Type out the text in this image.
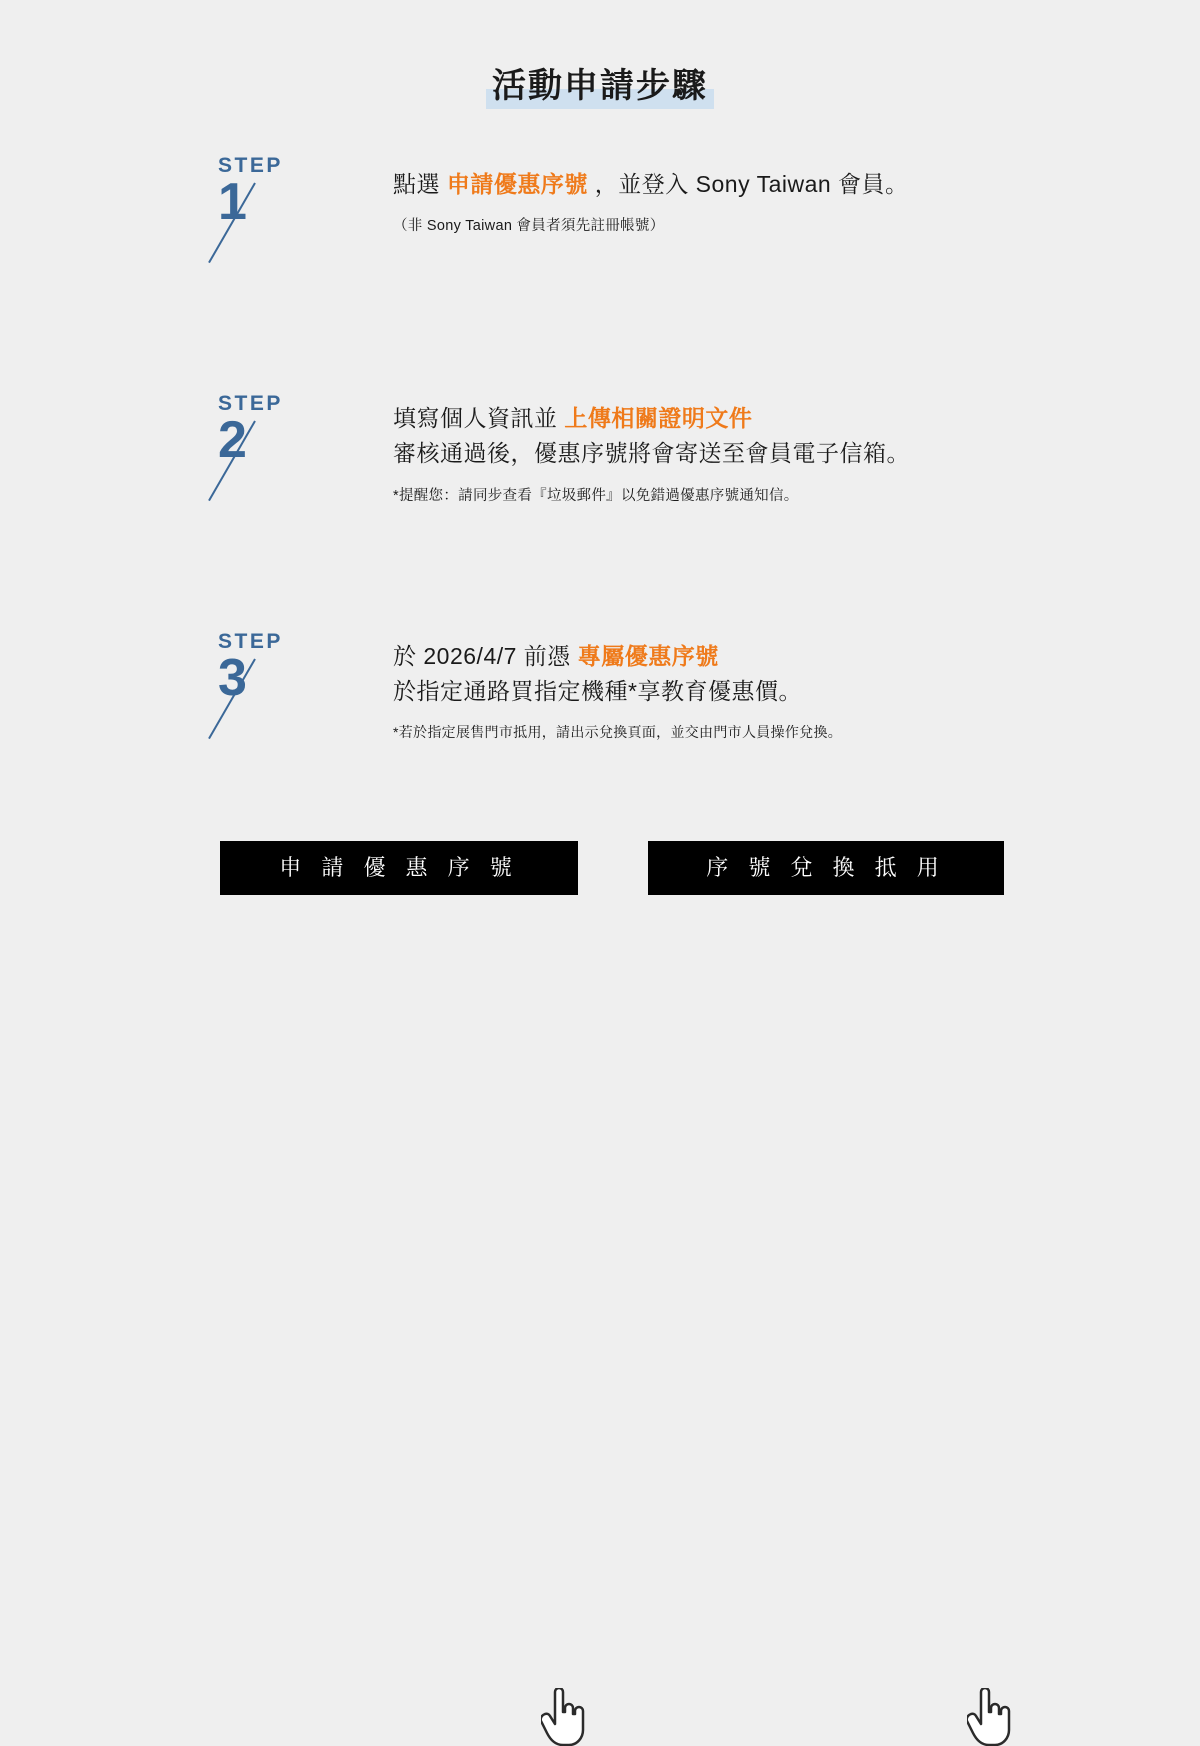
活動申請步驟
STEP
1	點選 申請優惠序號 ，並登入 Sony Taiwan 會員。
（非 Sony Taiwan 會員者須先註冊帳號）
STEP
2	填寫個人資訊並 上傳相關證明文件
審核通過後，優惠序號將會寄送至會員電子信箱。
*提醒您：請同步查看『垃圾郵件』以免錯過優惠序號通知信。
STEP
3	於 2026/4/7 前憑 專屬優惠序號
於指定通路買指定機種*享教育優惠價。
*若於指定展售門市抵用，請出示兌換頁面，並交由門市人員操作兌換。
申 請 優 惠 序 號	序 號 兌 換 抵 用
